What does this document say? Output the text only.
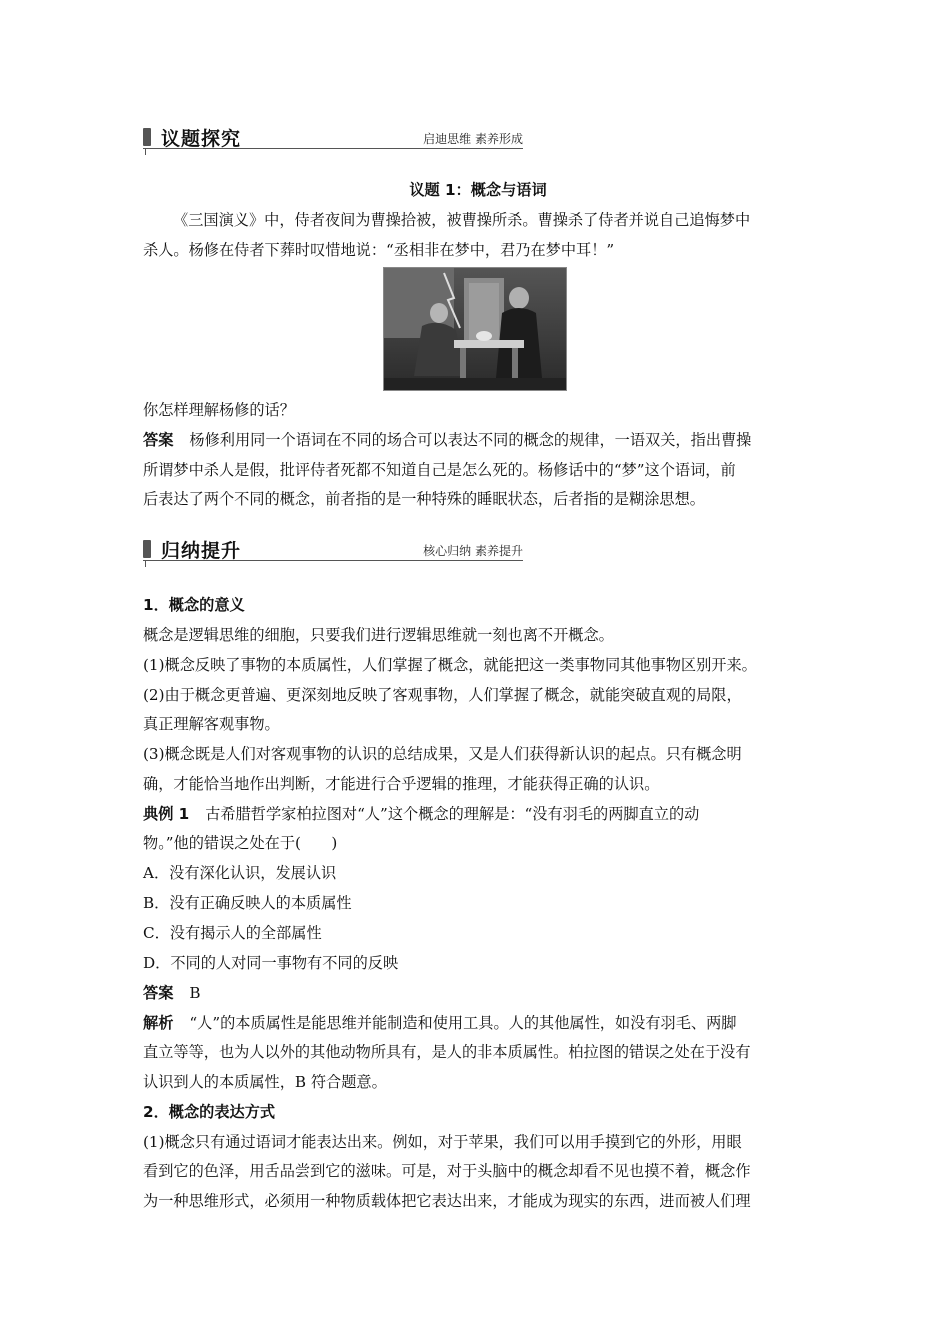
议题探究	启迪思维 素养形成
议题 1：概念与语词
《三国演义》中，侍者夜间为曹操拾被，被曹操所杀。曹操杀了侍者并说自己追悔梦中
杀人。杨修在侍者下葬时叹惜地说：“丞相非在梦中，君乃在梦中耳！”
你怎样理解杨修的话？
答案 杨修利用同一个语词在不同的场合可以表达不同的概念的规律，一语双关，指出曹操
所谓梦中杀人是假，批评侍者死都不知道自己是怎么死的。杨修话中的“梦”这个语词，前
后表达了两个不同的概念，前者指的是一种特殊的睡眠状态，后者指的是糊涂思想。
归纳提升	核心归纳 素养提升
1．概念的意义
概念是逻辑思维的细胞，只要我们进行逻辑思维就一刻也离不开概念。
(1)概念反映了事物的本质属性，人们掌握了概念，就能把这一类事物同其他事物区别开来。
(2)由于概念更普遍、更深刻地反映了客观事物，人们掌握了概念，就能突破直观的局限，
真正理解客观事物。
(3)概念既是人们对客观事物的认识的总结成果，又是人们获得新认识的起点。只有概念明
确，才能恰当地作出判断，才能进行合乎逻辑的推理，才能获得正确的认识。
典例 1 古希腊哲学家柏拉图对“人”这个概念的理解是：“没有羽毛的两脚直立的动
物。”他的错误之处在于(　　)
A．没有深化认识，发展认识
B．没有正确反映人的本质属性
C．没有揭示人的全部属性
D．不同的人对同一事物有不同的反映
答案 B
解析 “人”的本质属性是能思维并能制造和使用工具。人的其他属性，如没有羽毛、两脚
直立等等，也为人以外的其他动物所具有，是人的非本质属性。柏拉图的错误之处在于没有
认识到人的本质属性，B 符合题意。
2．概念的表达方式
(1)概念只有通过语词才能表达出来。例如，对于苹果，我们可以用手摸到它的外形，用眼
看到它的色泽，用舌品尝到它的滋味。可是，对于头脑中的概念却看不见也摸不着，概念作
为一种思维形式，必须用一种物质载体把它表达出来，才能成为现实的东西，进而被人们理
